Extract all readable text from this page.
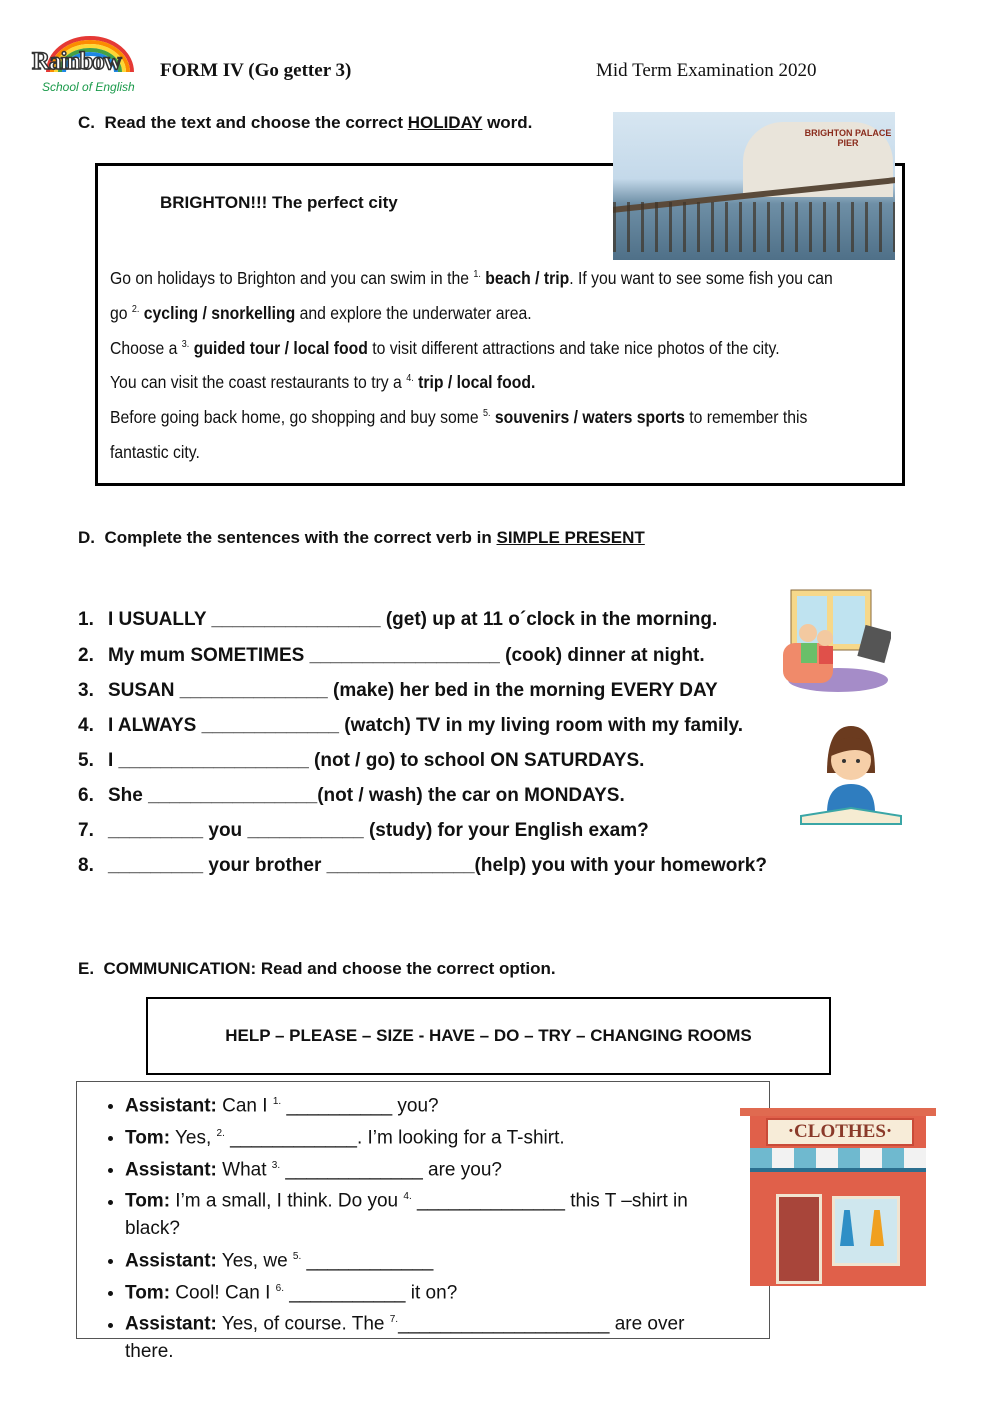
Rainbow
School of English
FORM IV (Go getter 3)	Mid Term Examination 2020
C. Read the text and choose the correct HOLIDAY word.
BRIGHTON PALACE PIER
BRIGHTON!!! The perfect city
Go on holidays to Brighton and you can swim in the $^{1.}$ beach / trip. If you want to see some fish you can
go $^{2.}$ cycling / snorkelling and explore the underwater area.
Choose a $^{3.}$ guided tour / local food to visit different attractions and take nice photos of the city.
You can visit the coast restaurants to try a $^{4.}$ trip / local food.
Before going back home, go shopping and buy some $^{5.}$ souvenirs / waters sports to remember this
fantastic city.
D. Complete the sentences with the correct verb in SIMPLE PRESENT
1. I USUALLY ________________ (get) up at 11 o´clock in the morning.
2. My mum SOMETIMES __________________ (cook) dinner at night.
3. SUSAN ______________ (make) her bed in the morning EVERY DAY
4. I ALWAYS _____________ (watch) TV in my living room with my family.
5. I __________________ (not / go) to school ON SATURDAYS.
6. She ________________(not / wash) the car on MONDAYS.
7. _________ you ___________ (study) for your English exam?
8. _________ your brother ______________(help) you with your homework?
E. COMMUNICATION: Read and choose the correct option.
HELP – PLEASE – SIZE - HAVE – DO – TRY – CHANGING ROOMS
• Assistant: Can I $^{1.}$ __________ you?
• Tom: Yes, $^{2.}$ ____________. I’m looking for a T-shirt.
• Assistant: What $^{3.}$ _____________ are you?
• Tom: I’m a small, I think. Do you $^{4.}$ ______________ this T –shirt in black?
• Assistant: Yes, we $^{5.}$ ____________
• Tom: Cool! Can I $^{6.}$ ___________ it on?
• Assistant: Yes, of course. The $^{7.}$____________________ are over there.
·CLOTHES·
